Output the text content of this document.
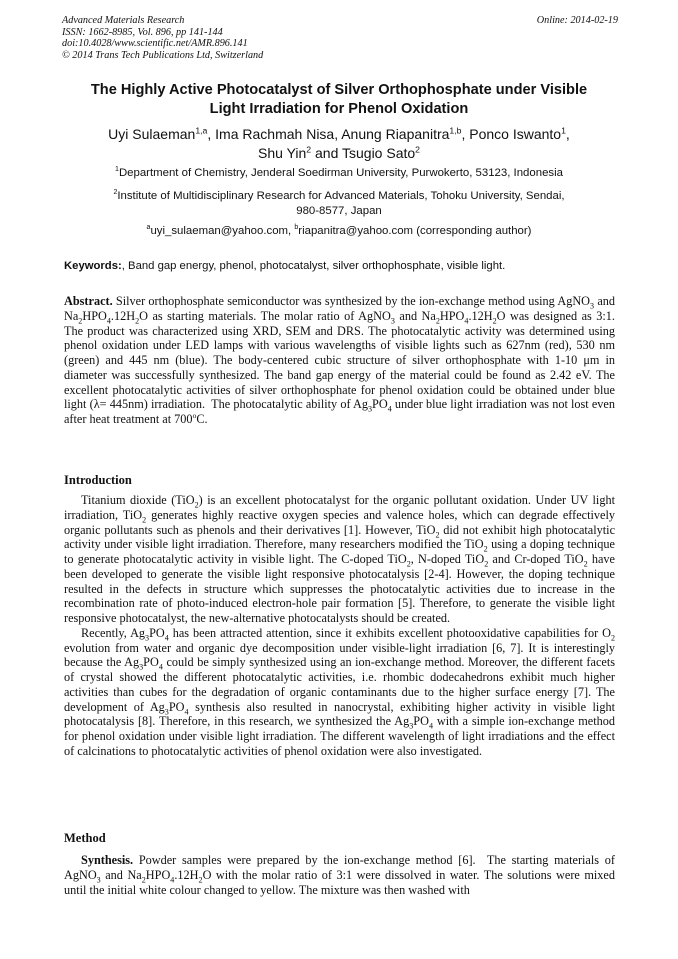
Advanced Materials Research
ISSN: 1662-8985, Vol. 896, pp 141-144
doi:10.4028/www.scientific.net/AMR.896.141
© 2014 Trans Tech Publications Ltd, Switzerland
Online: 2014-02-19
The Highly Active Photocatalyst of Silver Orthophosphate under Visible
Light Irradiation for Phenol Oxidation
Uyi Sulaeman$^{1,a}$, Ima Rachmah Nisa, Anung Riapanitra$^{1,b}$, Ponco Iswanto$^1$,
Shu Yin$^2$ and Tsugio Sato$^2$
$^1$Department of Chemistry, Jenderal Soedirman University, Purwokerto, 53123, Indonesia
$^2$Institute of Multidisciplinary Research for Advanced Materials, Tohoku University, Sendai,
980-8577, Japan
$^a$uyi_sulaeman@yahoo.com, $^b$riapanitra@yahoo.com (corresponding author)
Keywords:, Band gap energy, phenol, photocatalyst, silver orthophosphate, visible light.

Abstract. Silver orthophosphate semiconductor was synthesized by the ion-exchange method using AgNO$_3$ and $Na_2HPO_4.12H_2O$ as starting materials. The molar ratio of AgNO$_3$ and $Na_2HPO_4.12H_2O$ was designed as 3:1. The product was characterized using XRD, SEM and DRS. The photocatalytic activity was determined using phenol oxidation under LED lamps with various wavelengths of visible lights such as 627nm (red), 530 nm (green) and 445 nm (blue). The body-centered cubic structure of silver orthophosphate with 1-10 μm in diameter was successfully synthesized. The band gap energy of the material could be found as 2.42 eV. The excellent photocatalytic activities of silver orthophosphate for phenol oxidation could be obtained under blue light (λ= 445nm) irradiation.  The photocatalytic ability of $Ag_3PO_4$ under blue light irradiation was not lost even after heat treatment at 700$^o$C.

Introduction

Titanium dioxide (TiO$_2$) is an excellent photocatalyst for the organic pollutant oxidation. Under UV light irradiation, TiO$_2$ generates highly reactive oxygen species and valence holes, which can degrade effectively organic pollutants such as phenols and their derivatives [1]. However, TiO$_2$ did not exhibit high photocatalytic activity under visible light irradiation. Therefore, many researchers modified the TiO$_2$ using a doping technique to generate photocatalytic activity in visible light. The C-doped TiO$_2$, N-doped TiO$_2$ and Cr-doped TiO$_2$ have been developed to generate the visible light responsive photocatalysis [2-4]. However, the doping technique resulted in the defects in structure which suppresses the photocatalytic activities due to increase in the recombination rate of photo-induced electron-hole pair formation [5]. Therefore, to generate the visible light responsive photocatalyst, the new-alternative photocatalysts should be created.

Recently, $Ag_3PO_4$ has been attracted attention, since it exhibits excellent photooxidative capabilities for $O_2$ evolution from water and organic dye decomposition under visible-light irradiation [6, 7]. It is interestingly because the $Ag_3PO_4$ could be simply synthesized using an ion-exchange method. Moreover, the different facets of crystal showed the different photocatalytic activities, i.e. rhombic dodecahedrons exhibit much higher activities than cubes for the degradation of organic contaminants due to the higher surface energy [7]. The development of $Ag_3PO_4$ synthesis also resulted in nanocrystal, exhibiting higher activity in visible light photocatalysis [8]. Therefore, in this research, we synthesized the $Ag_3PO_4$ with a simple ion-exchange method for phenol oxidation under visible light irradiation. The different wavelength of light irradiations and the effect of calcinations to photocatalytic activities of phenol oxidation were also investigated.

Method

Synthesis. Powder samples were prepared by the ion-exchange method [6].  The starting materials of AgNO$_3$ and $Na_2HPO_4.12H_2O$ with the molar ratio of 3:1 were dissolved in water. The solutions were mixed until the initial white colour changed to yellow. The mixture was then washed with
